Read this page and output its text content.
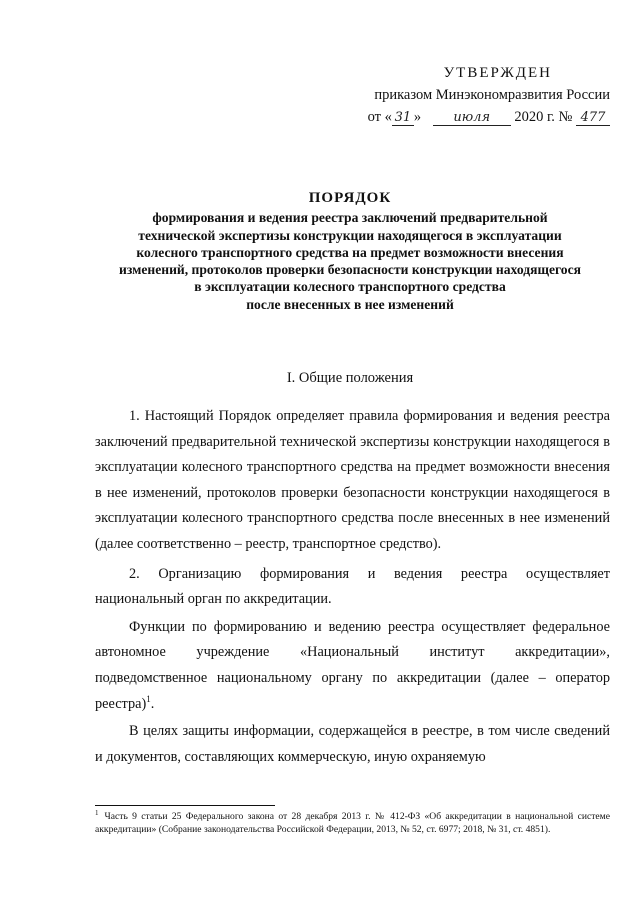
УТВЕРЖДЕН
приказом Минэкономразвития России
от « 31 » июля 2020 г. № 477
ПОРЯДОК
формирования и ведения реестра заключений предварительной
технической экспертизы конструкции находящегося в эксплуатации
колесного транспортного средства на предмет возможности внесения
изменений, протоколов проверки безопасности конструкции находящегося
в эксплуатации колесного транспортного средства
после внесенных в нее изменений
I. Общие положения

1. Настоящий Порядок определяет правила формирования и ведения реестра заключений предварительной технической экспертизы конструкции находящегося в эксплуатации колесного транспортного средства на предмет возможности внесения в нее изменений, протоколов проверки безопасности конструкции находящегося в эксплуатации колесного транспортного средства после внесенных в нее изменений (далее соответственно – реестр, транспортное средство).

2. Организацию формирования и ведения реестра осуществляет национальный орган по аккредитации.

Функции по формированию и ведению реестра осуществляет федеральное автономное учреждение «Национальный институт аккредитации», подведомственное национальному органу по аккредитации (далее – оператор реестра)$^1$.

В целях защиты информации, содержащейся в реестре, в том числе сведений и документов, составляющих коммерческую, иную охраняемую

$^1$ Часть 9 статьи 25 Федерального закона от 28 декабря 2013 г. № 412-ФЗ «Об аккредитации в национальной системе аккредитации» (Собрание законодательства Российской Федерации, 2013, № 52, ст. 6977; 2018, № 31, ст. 4851).
